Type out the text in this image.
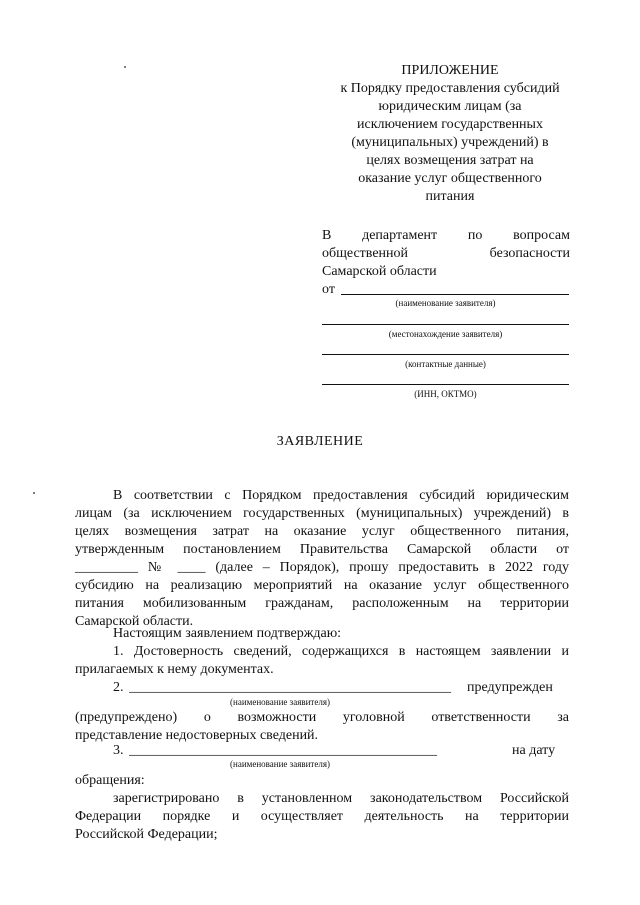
ПРИЛОЖЕНИЕ
к Порядку предоставления субсидий
юридическим лицам (за
исключением государственных
(муниципальных) учреждений) в
целях возмещения затрат на
оказание услуг общественного
питания
В департамент по вопросам
общественной	безопасности
Самарской области
от
(наименование заявителя)
(местонахождение заявителя)
(контактные данные)
(ИНН, ОКТМО)
ЗАЯВЛЕНИЕ
В соответствии с Порядком предоставления субсидий юридическим
лицам (за исключением государственных (муниципальных) учреждений) в
целях возмещения затрат на оказание услуг общественного питания,
утвержденным постановлением Правительства Самарской области от
_________ № ____ (далее – Порядок), прошу предоставить в 2022 году
субсидию на реализацию мероприятий на оказание услуг общественного
питания мобилизованным гражданам, расположенным на территории
Самарской области.
Настоящим заявлением подтверждаю:
1. Достоверность сведений, содержащихся в настоящем заявлении и
прилагаемых к нему документах.
2. ______________________________________________	предупрежден
(наименование заявителя)
(предупреждено) о возможности уголовной ответственности за
представление недостоверных сведений.
3. ____________________________________________	на дату
(наименование заявителя)
обращения:
зарегистрировано в установленном законодательством Российской
Федерации порядке и осуществляет деятельность на территории
Российской Федерации;
